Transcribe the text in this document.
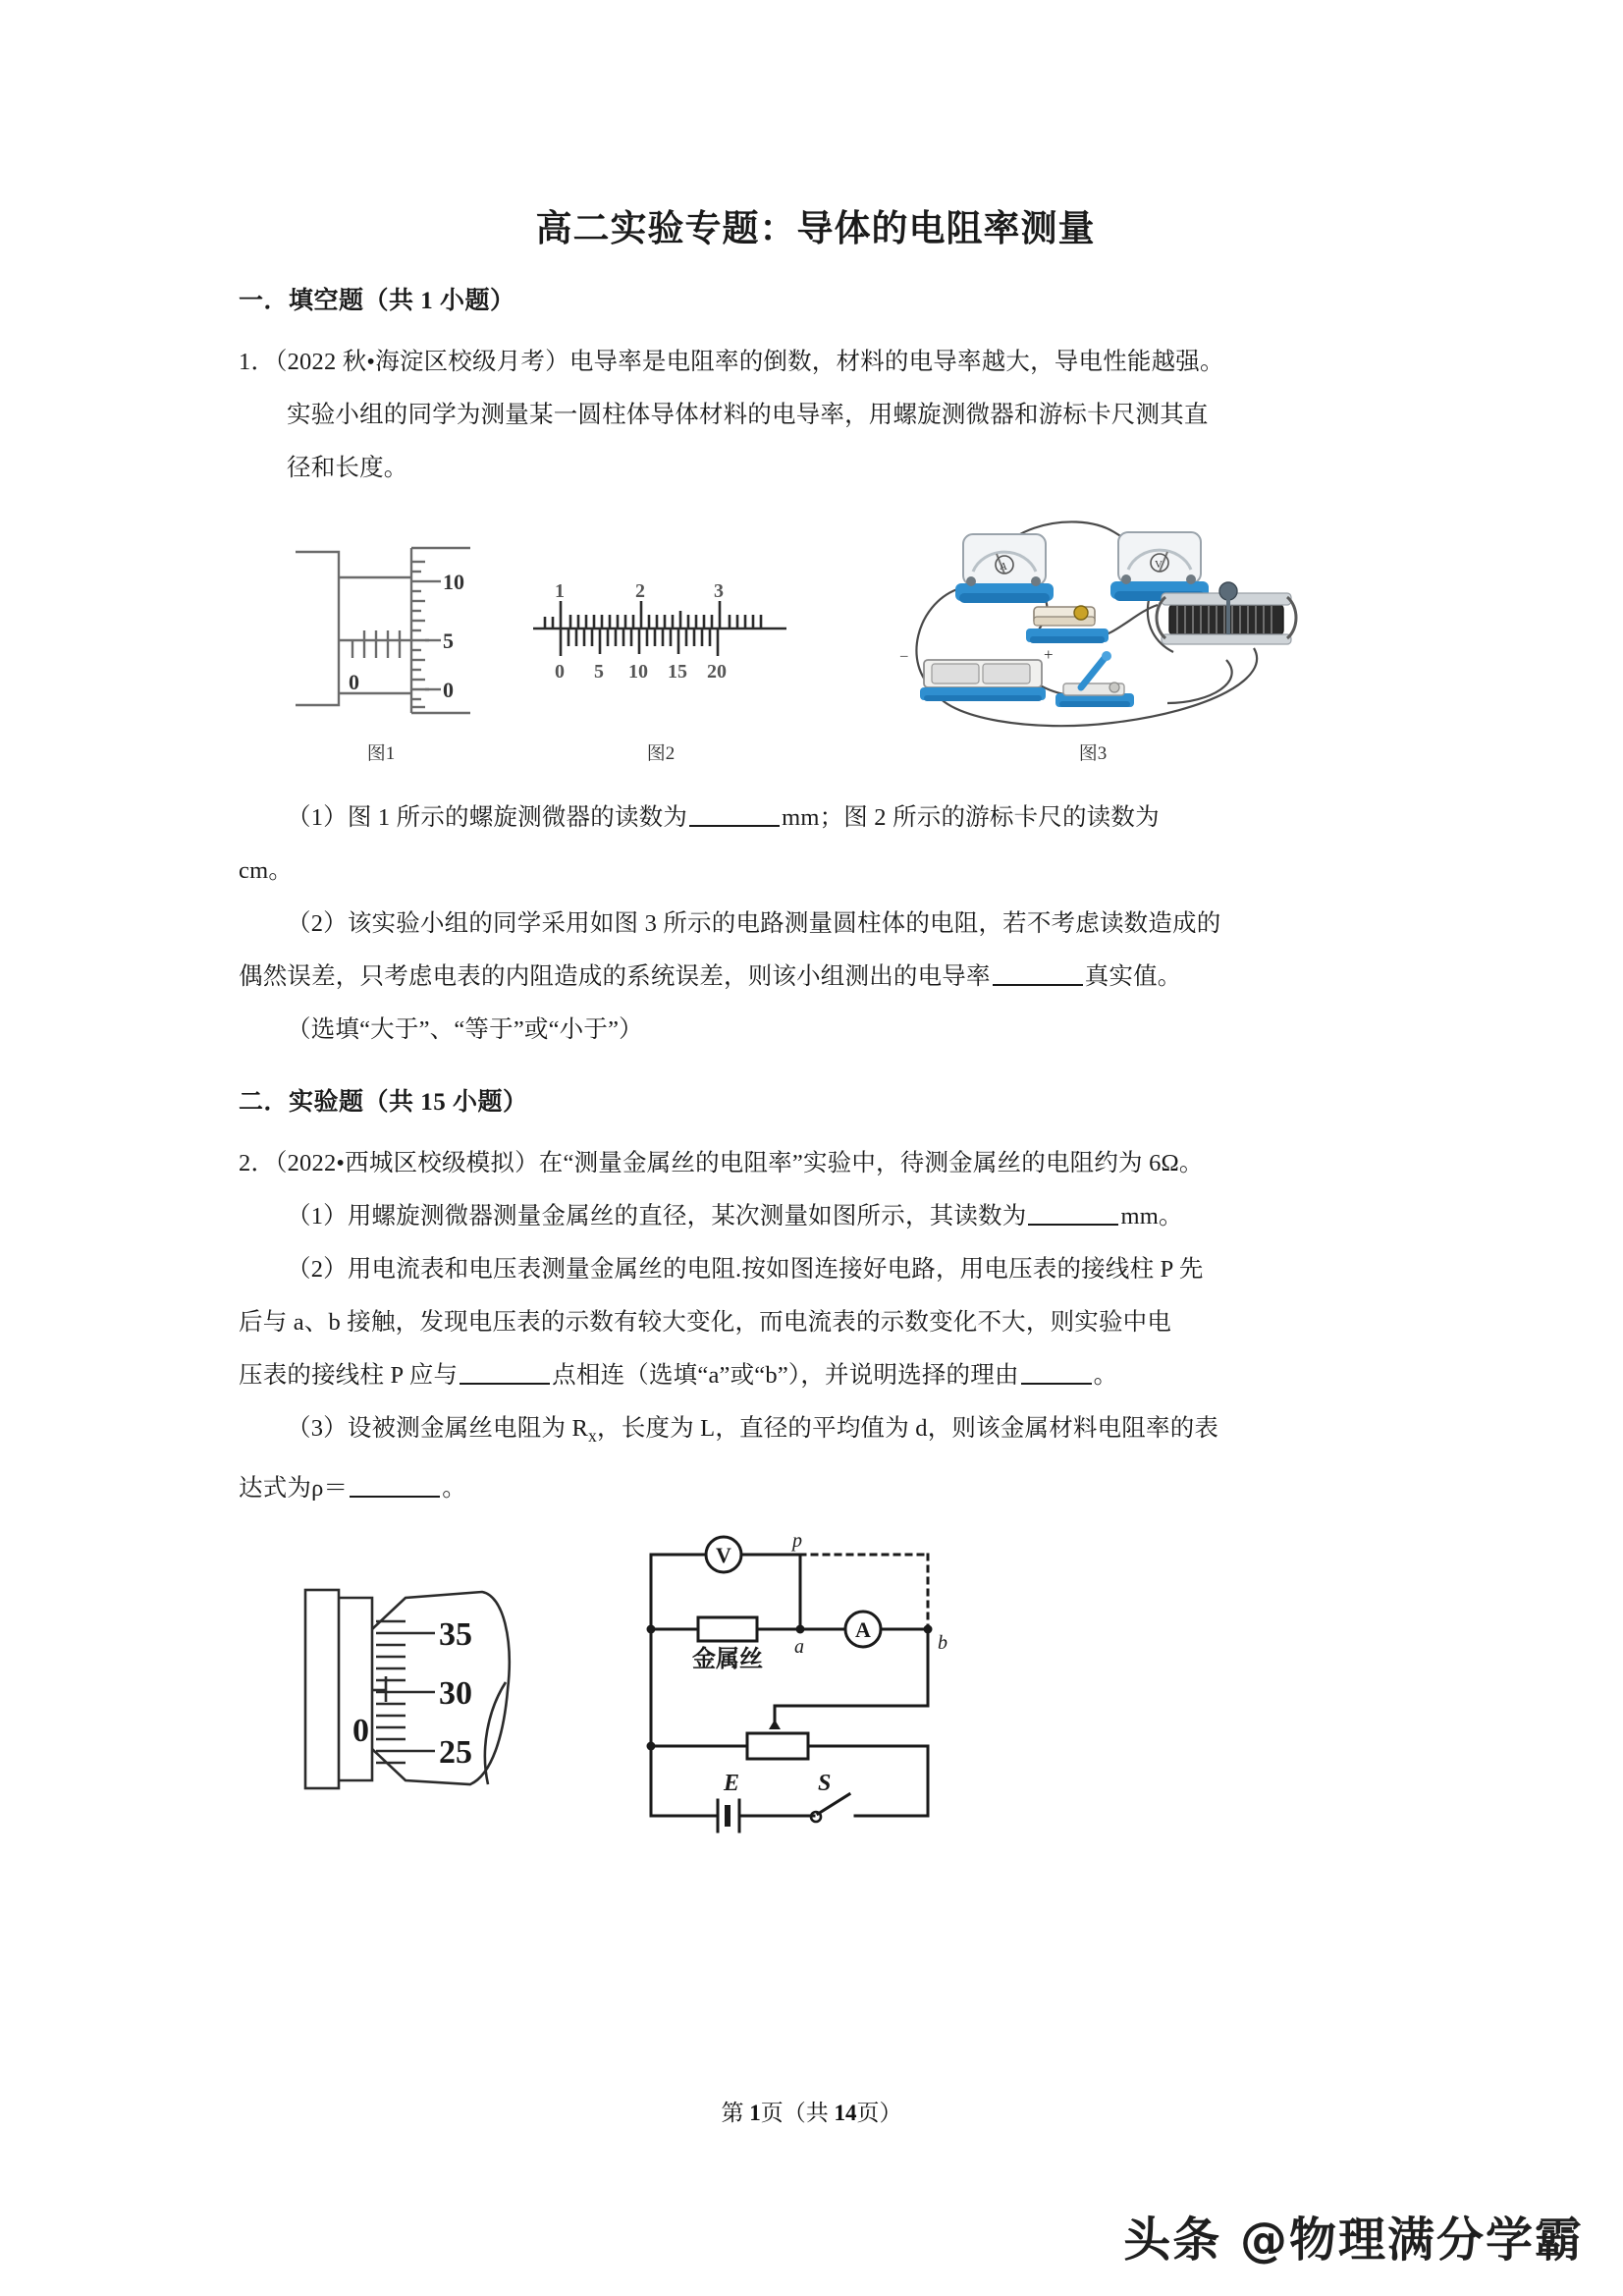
高二实验专题：导体的电阻率测量
一．填空题（共 1 小题）
1．（2022 秋•海淀区校级月考）电导率是电阻率的倒数，材料的电导率越大，导电性能越强。
实验小组的同学为测量某一圆柱体导体材料的电导率，用螺旋测微器和游标卡尺测其直
径和长度。
10
5
0
0
图1
1	2	3
0 5 10 15 20
图2
A	V
–	+
图3
（1）图 1 所示的螺旋测微器的读数为	mm；图 2 所示的游标卡尺的读数为
cm。
（2）该实验小组的同学采用如图 3 所示的电路测量圆柱体的电阻，若不考虑读数造成的
偶然误差，只考虑电表的内阻造成的系统误差，则该小组测出的电导率	真实值。
（选填“大于”、“等于”或“小于”）
二．实验题（共 15 小题）
2．（2022•西城区校级模拟）在“测量金属丝的电阻率”实验中，待测金属丝的电阻约为 6Ω。
（1）用螺旋测微器测量金属丝的直径，某次测量如图所示，其读数为	mm。
（2）用电流表和电压表测量金属丝的电阻.按如图连接好电路，用电压表的接线柱 P 先
后与 a、b 接触，发现电压表的示数有较大变化，而电流表的示数变化不大，则实验中电
压表的接线柱 P 应与	点相连（选填“a”或“b”），并说明选择的理由	。
（3）设被测金属丝电阻为 $R_x$，长度为 L，直径的平均值为 d，则该金属材料电阻率的表
达式为ρ＝	。
0
35
30
25
V
A
p
a	b
金属丝
E	S
第 1页（共 14页）
头条 @物理满分学霸
